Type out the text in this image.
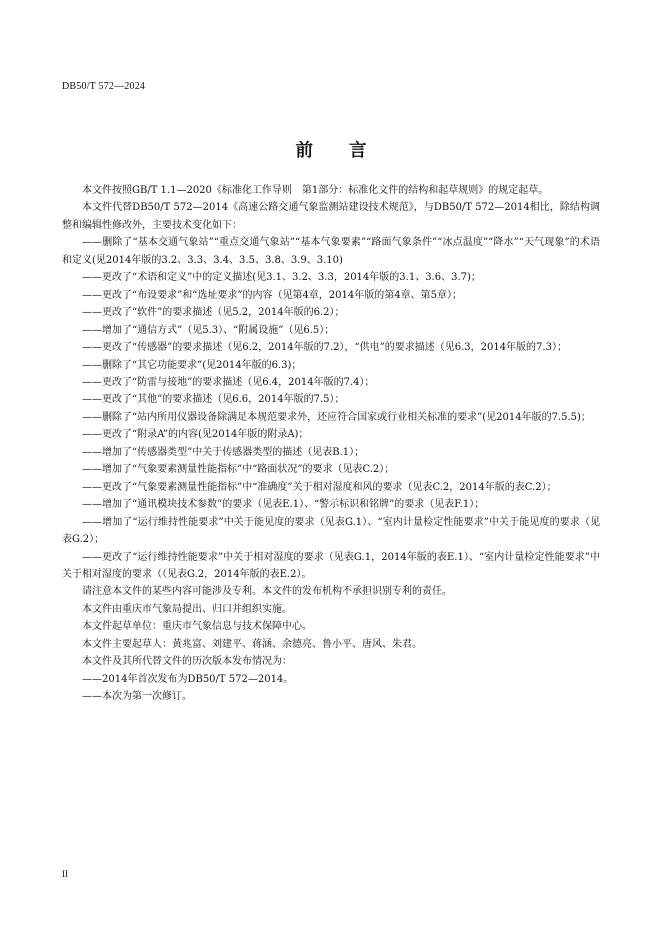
DB50/T 572—2024
前 言

本文件按照GB/T 1.1—2020《标准化工作导则　第1部分：标准化文件的结构和起草规则》的规定起草。

本文件代替DB50/T 572—2014《高速公路交通气象监测站建设技术规范》，与DB50/T 572—2014相比，除结构调整和编辑性修改外，主要技术变化如下：

——删除了“基本交通气象站”“重点交通气象站”“基本气象要素”“路面气象条件”“冰点温度”“降水”“天气现象”的术语和定义(见2014年版的3.2、3.3、3.4、3.5、3.8、3.9、3.10)

——更改了“术语和定义”中的定义描述(见3.1、3.2、3.3，2014年版的3.1、3.6、3.7)；

——更改了“布设要求”和“选址要求”的内容（见第4章，2014年版的第4章、第5章）；

——更改了“软件”的要求描述（见5.2，2014年版的6.2）；

——增加了“通信方式”（见5.3）、“附属设施”（见6.5）；

——更改了“传感器”的要求描述（见6.2，2014年版的7.2），“供电”的要求描述（见6.3，2014年版的7.3）；

——删除了“其它功能要求”(见2014年版的6.3)；

——更改了“防雷与接地”的要求描述（见6.4，2014年版的7.4）；

——更改了“其他”的要求描述（见6.6，2014年版的7.5）；

——删除了“站内所用仪器设备除满足本规范要求外，还应符合国家或行业相关标准的要求”(见2014年版的7.5.5)；

——更改了“附录A”的内容(见2014年版的附录A)；

——增加了“传感器类型”中关于传感器类型的描述（见表B.1）；

——增加了“气象要素测量性能指标”中“路面状况”的要求（见表C.2）；

——更改了“气象要素测量性能指标”中“准确度”关于相对湿度和风的要求（见表C.2，2014年版的表C.2）；

——增加了“通讯模块技术参数”的要求（见表E.1）、“警示标识和铭牌”的要求（见表F.1）；

——增加了“运行维持性能要求”中关于能见度的要求（见表G.1）、“室内计量检定性能要求”中关于能见度的要求（见表G.2）；

——更改了“运行维持性能要求”中关于相对湿度的要求（见表G.1，2014年版的表E.1）、“室内计量检定性能要求”中关于相对湿度的要求（（见表G.2，2014年版的表E.2）。

请注意本文件的某些内容可能涉及专利。本文件的发布机构不承担识别专利的责任。

本文件由重庆市气象局提出、归口并组织实施。

本文件起草单位：重庆市气象信息与技术保障中心。

本文件主要起草人：黄兆富、刘建平、蒋涵、余德亮、鲁小平、唐风、朱君。

本文件及其所代替文件的历次版本发布情况为：

——2014年首次发布为DB50/T 572—2014。

——本次为第一次修订。

II
